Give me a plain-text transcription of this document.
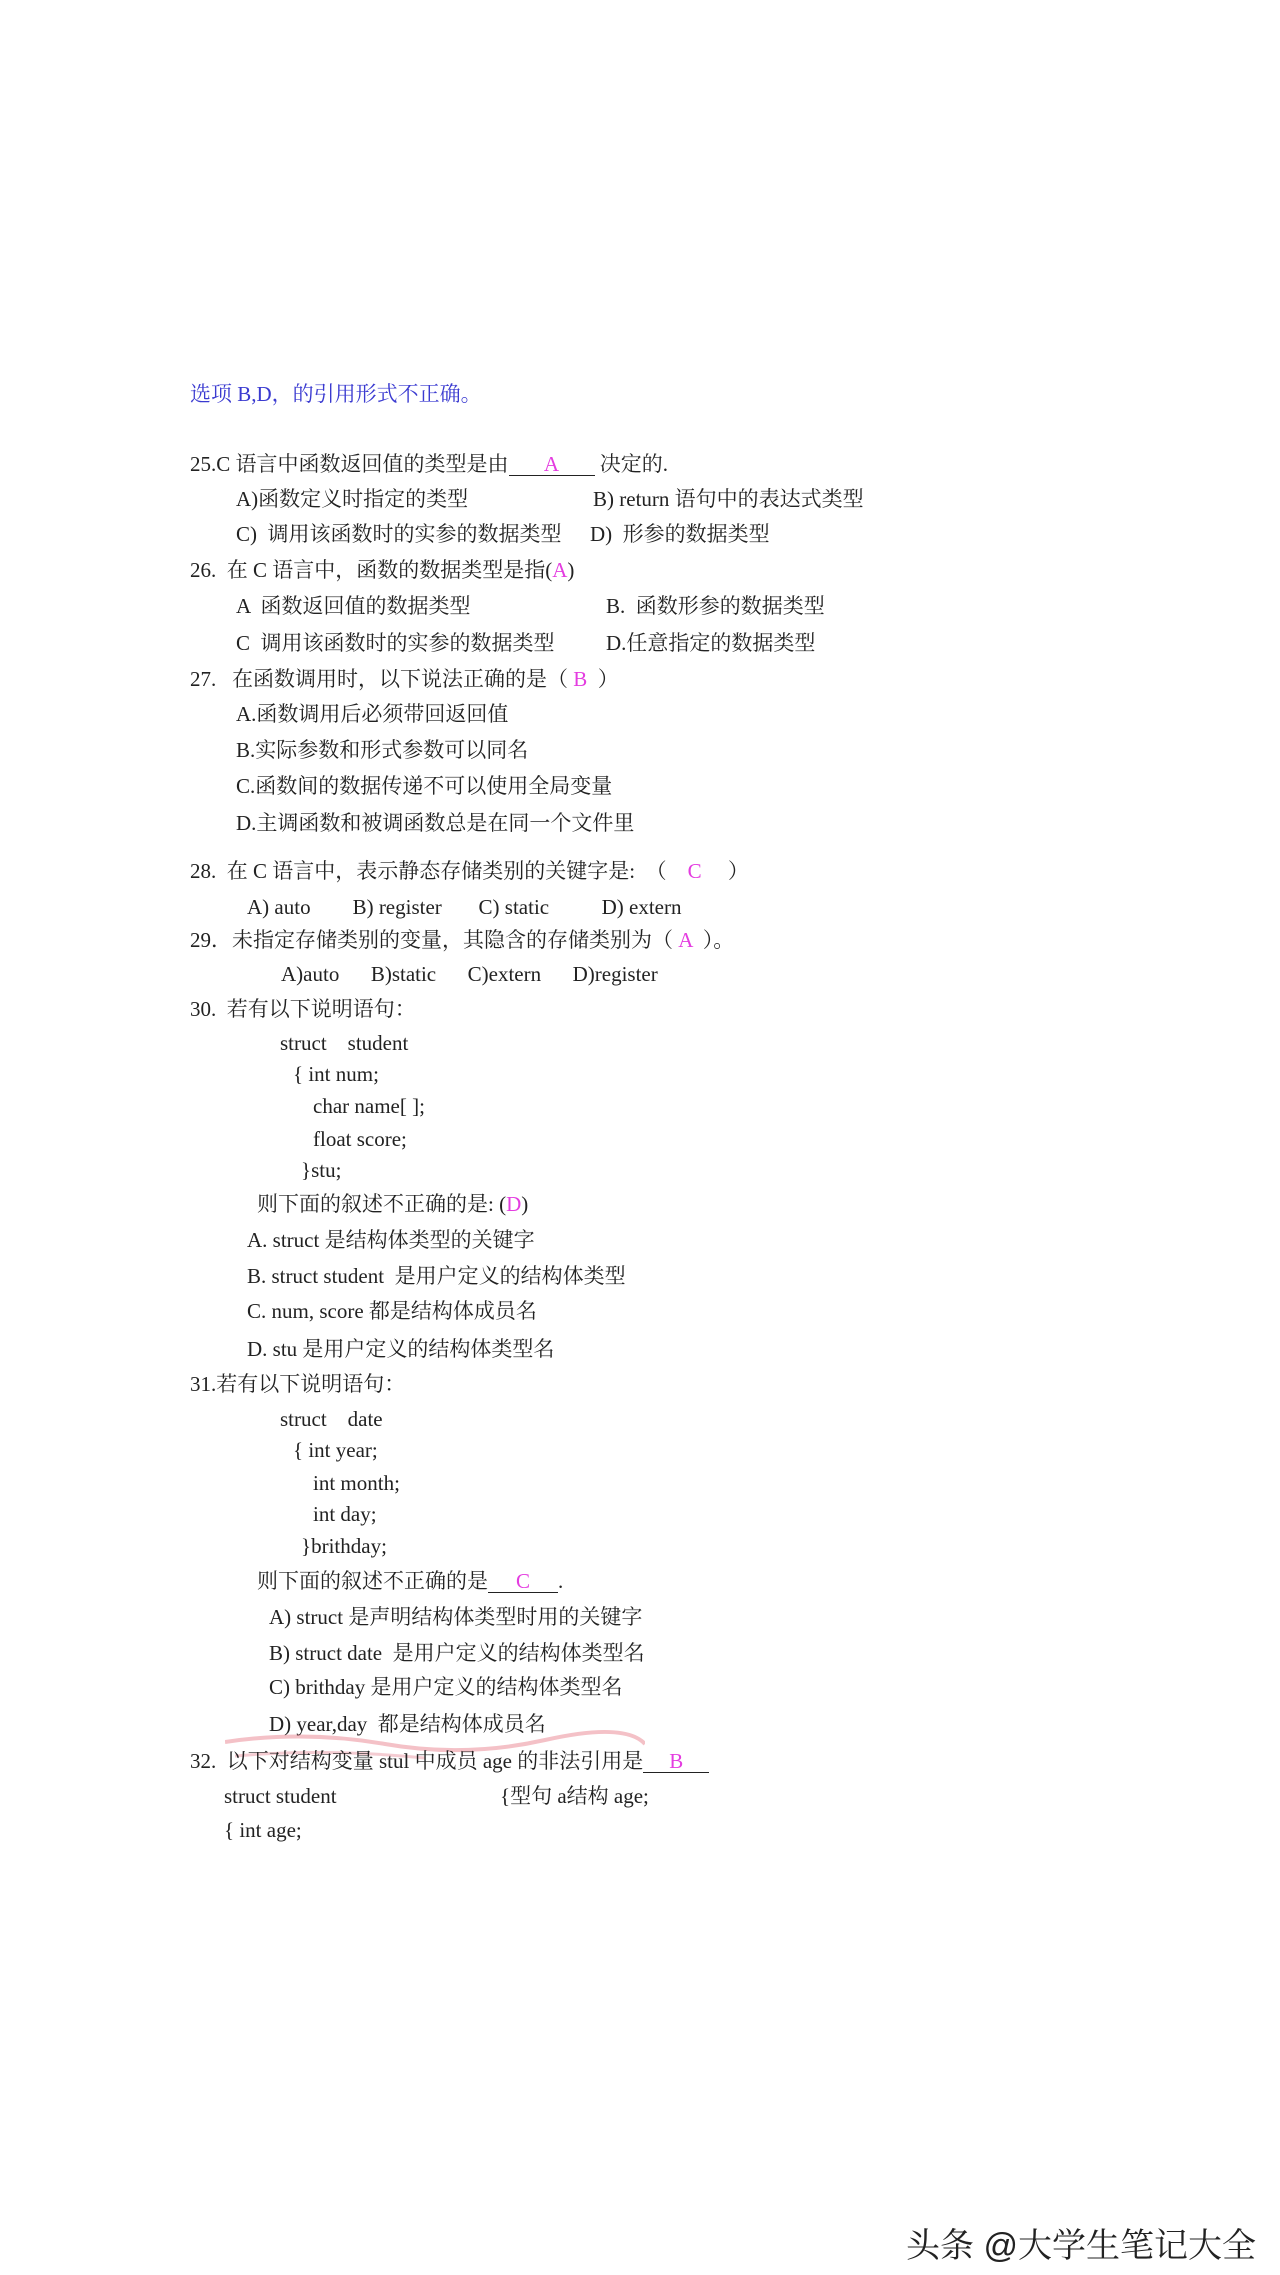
选项 B,D，的引用形式不正确。
25.C 语言中函数返回值的类型是由 A 决定的.
A)函数定义时指定的类型	B) return 语句中的表达式类型
C)  调用该函数时的实参的数据类型 D)  形参的数据类型
26.  在 C 语言中，函数的数据类型是指(A)
A  函数返回值的数据类型	B.  函数形参的数据类型
C  调用该函数时的实参的数据类型 D.任意指定的数据类型
27.   在函数调用时，以下说法正确的是（ B  ）
A.函数调用后必须带回返回值
B.实际参数和形式参数可以同名
C.函数间的数据传递不可以使用全局变量
D.主调函数和被调函数总是在同一个文件里
28.  在 C 语言中，表示静态存储类别的关键字是:  （    C     ）
A) auto        B) register       C) static          D) extern
29．未指定存储类别的变量，其隐含的存储类别为（ A  ）。
A)auto      B)static      C)extern      D)register
30.  若有以下说明语句：
struct    student
{ int num;
char name[ ];
float score;
}stu;
则下面的叙述不正确的是: (D)
A. struct 是结构体类型的关键字
B. struct student  是用户定义的结构体类型
C. num, score 都是结构体成员名
D. stu 是用户定义的结构体类型名
31.若有以下说明语句：
struct    date
{ int year;
int month;
int day;
}brithday;
则下面的叙述不正确的是 C .
A) struct 是声明结构体类型时用的关键字
B) struct date  是用户定义的结构体类型名
C) brithday 是用户定义的结构体类型名
D) year,day  都是结构体成员名
32.  以下对结构变量 stul 中成员 age 的非法引用是 B
struct student	{型句 a结构 age;
{ int age;
头条 @大学生笔记大全
